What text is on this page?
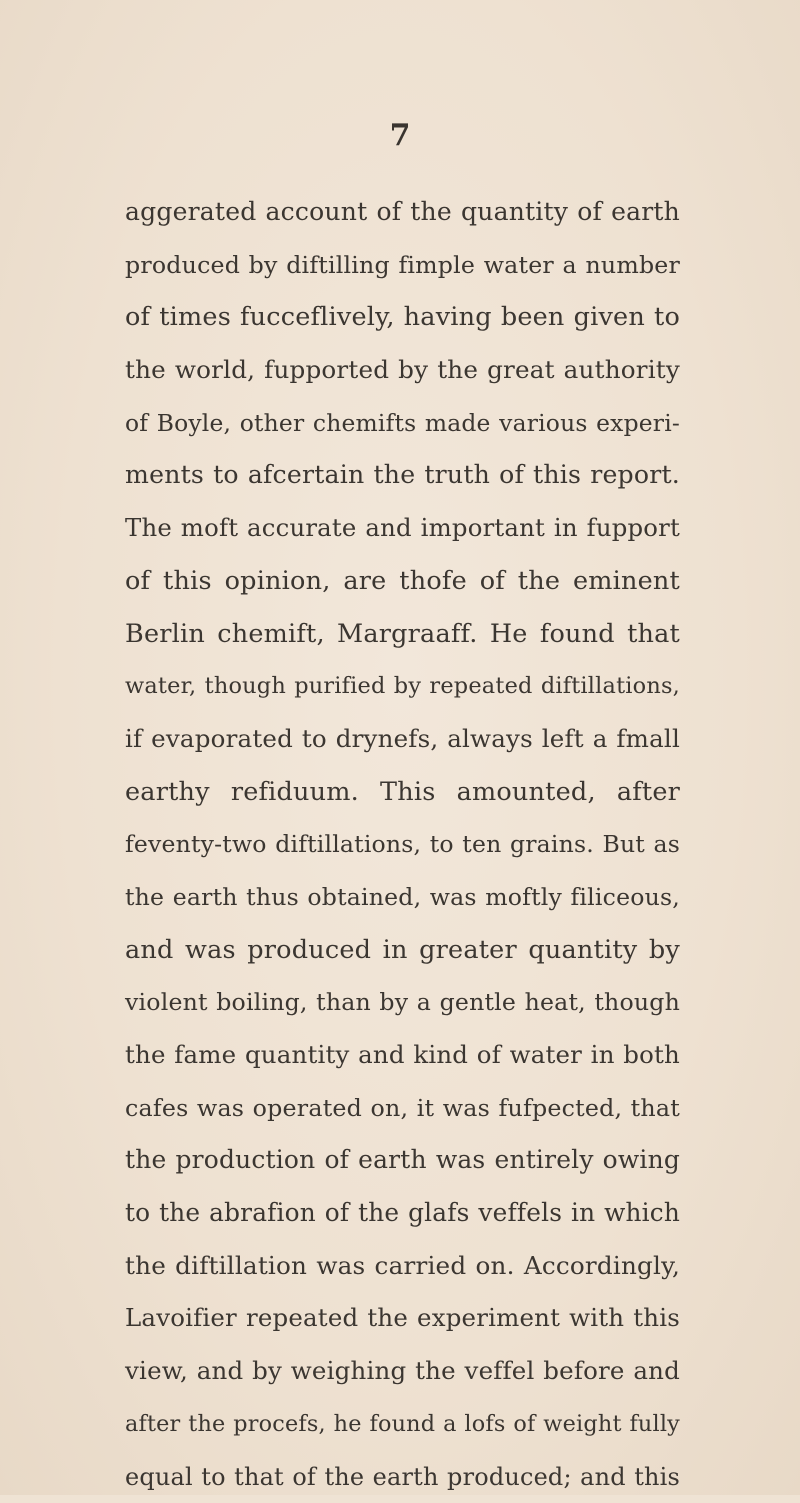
7
aggerated account of the quantity of earth
produced by diftilling fimple water a number
of times fucceflively, having been given to
the world, fupported by the great authority
of Boyle, other chemifts made various experi-
ments to afcertain the truth of this report.
The moft accurate and important in fupport
of this opinion, are thofe of the eminent
Berlin chemift, Margraaff. He found that
water, though purified by repeated diftillations,
if evaporated to drynefs, always left a fmall
earthy refiduum. This amounted, after
feventy-two diftillations, to ten grains. But as
the earth thus obtained, was moftly filiceous,
and was produced in greater quantity by
violent boiling, than by a gentle heat, though
the fame quantity and kind of water in both
cafes was operated on, it was fufpected, that
the production of earth was entirely owing
to the abrafion of the glafs veffels in which
the diftillation was carried on. Accordingly,
Lavoifier repeated the experiment with this
view, and by weighing the veffel before and
after the procefs, he found a lofs of weight fully
equal to that of the earth produced; and this
